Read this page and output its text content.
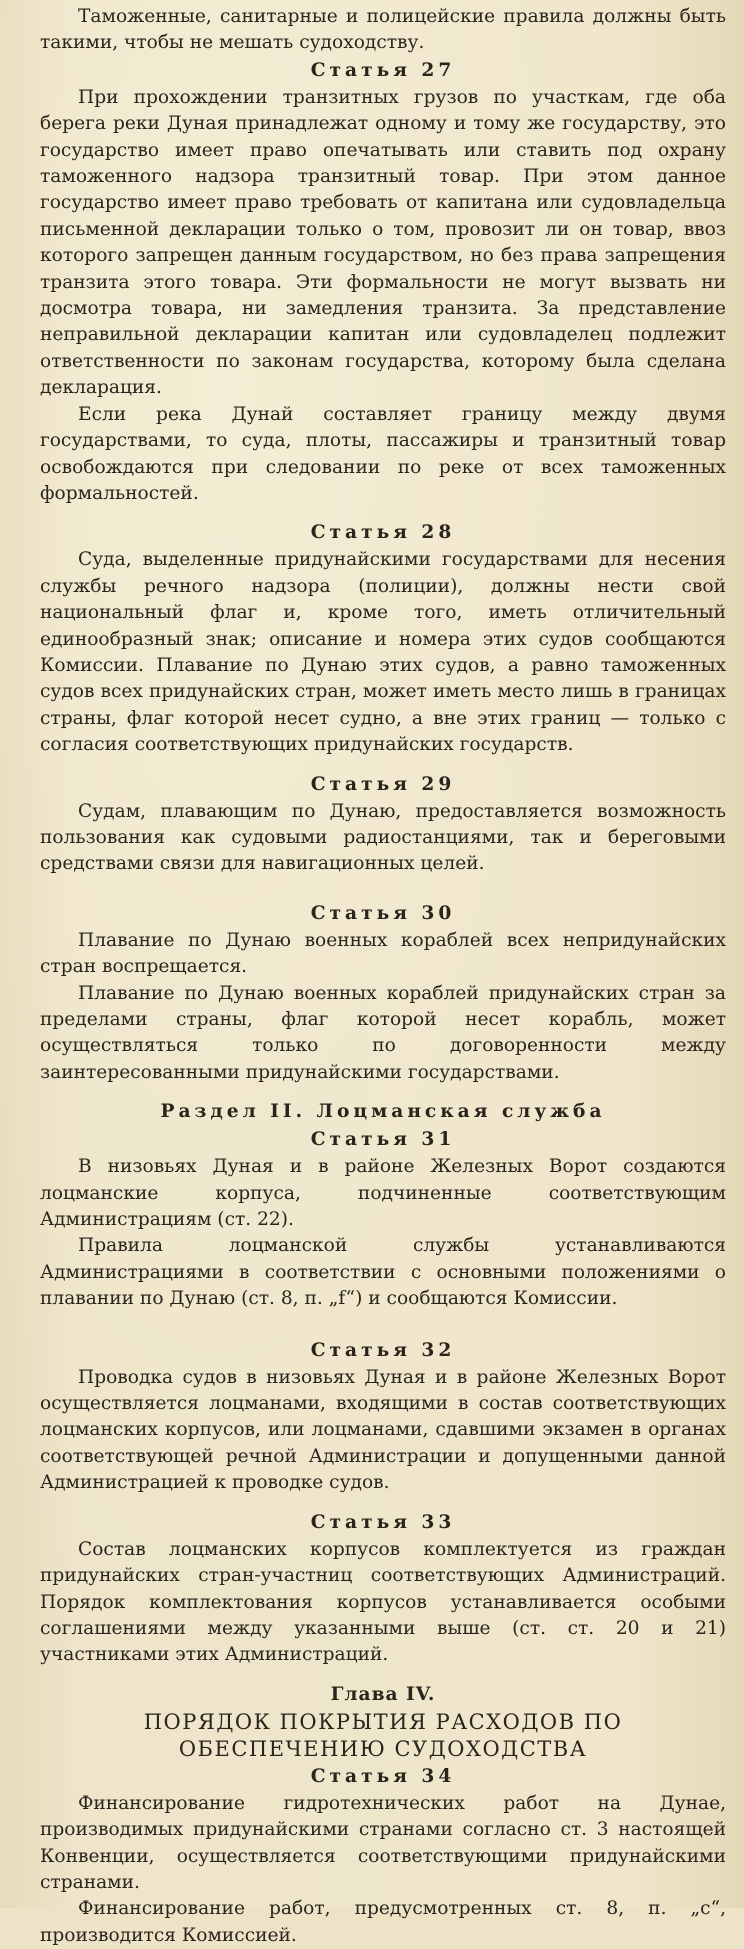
Таможенные, санитарные и полицейские правила должны быть такими, чтобы не мешать судоходству.

Статья 27

При прохождении транзитных грузов по участкам, где оба берега реки Дуная принадлежат одному и тому же государству, это государство имеет право опечатывать или ставить под охрану таможенного надзора транзитный товар. При этом данное государство имеет право требовать от капитана или судовладельца письменной декларации только о том, провозит ли он товар, ввоз которого запрещен данным государством, но без права запрещения транзита этого товара. Эти формальности не могут вызвать ни досмотра товара, ни замедления транзита. За представление неправильной декларации капитан или судовладелец подлежит ответственности по законам государства, которому была сделана декларация.

Если река Дунай составляет границу между двумя государствами, то суда, плоты, пассажиры и транзитный товар освобождаются при следовании по реке от всех таможенных формальностей.

Статья 28

Суда, выделенные придунайскими государствами для несения службы речного надзора (полиции), должны нести свой национальный флаг и, кроме того, иметь отличительный единообразный знак; описание и номера этих судов сообщаются Комиссии. Плавание по Дунаю этих судов, а равно таможенных судов всех придунайских стран, может иметь место лишь в границах страны, флаг которой несет судно, а вне этих границ — только с согласия соответствующих придунайских государств.

Статья 29

Судам, плавающим по Дунаю, предоставляется возможность пользования как судовыми радиостанциями, так и береговыми средствами связи для навигационных целей.

Статья 30

Плавание по Дунаю военных кораблей всех непридунайских стран воспрещается.

Плавание по Дунаю военных кораблей придунайских стран за пределами страны, флаг которой несет корабль, может осуществляться только по договоренности между заинтересованными придунайскими государствами.

Раздел II. Лоцманская служба

Статья 31

В низовьях Дуная и в районе Железных Ворот создаются лоцманские корпуса, подчиненные соответствующим Администрациям (ст. 22).

Правила лоцманской службы устанавливаются Администрациями в соответствии с основными положениями о плавании по Дунаю (ст. 8, п. „f“) и сообщаются Комиссии.

Статья 32

Проводка судов в низовьях Дуная и в районе Железных Ворот осуществляется лоцманами, входящими в состав соответствующих лоцманских корпусов, или лоцманами, сдавшими экзамен в органах соответствующей речной Администрации и допущенными данной Администрацией к проводке судов.

Статья 33

Состав лоцманских корпусов комплектуется из граждан придунайских стран-участниц соответствующих Администраций. Порядок комплектования корпусов устанавливается особыми соглашениями между указанными выше (ст. ст. 20 и 21) участниками этих Администраций.

Глава IV.

ПОРЯДОК ПОКРЫТИЯ РАСХОДОВ ПО

ОБЕСПЕЧЕНИЮ СУДОХОДСТВА

Статья 34

Финансирование гидротехнических работ на Дунае, производимых придунайскими странами согласно ст. 3 настоящей Конвенции, осуществляется соответствующими придунайскими странами.

Финансирование работ, предусмотренных ст. 8, п. „c“, производится Комиссией.
